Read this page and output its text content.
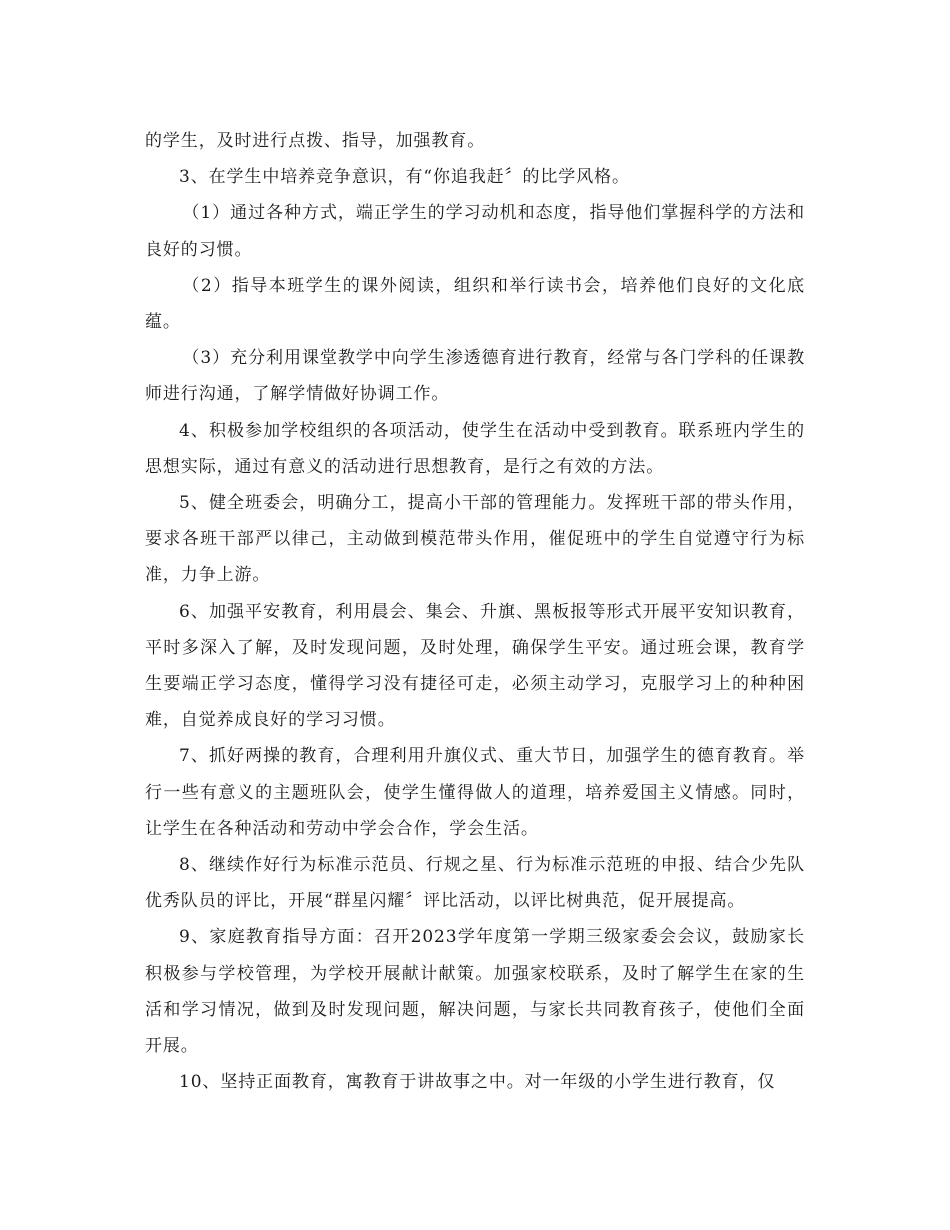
的学生，及时进行点拨、指导，加强教育。

3、在学生中培养竞争意识，有“你追我赶〞的比学风格。

（1）通过各种方式，端正学生的学习动机和态度，指导他们掌握科学的方法和良好的习惯。

（2）指导本班学生的课外阅读，组织和举行读书会，培养他们良好的文化底蕴。

（3）充分利用课堂教学中向学生渗透德育进行教育，经常与各门学科的任课教师进行沟通，了解学情做好协调工作。

4、积极参加学校组织的各项活动，使学生在活动中受到教育。联系班内学生的思想实际，通过有意义的活动进行思想教育，是行之有效的方法。

5、健全班委会，明确分工，提高小干部的管理能力。发挥班干部的带头作用，要求各班干部严以律己，主动做到模范带头作用，催促班中的学生自觉遵守行为标准，力争上游。

6、加强平安教育，利用晨会、集会、升旗、黑板报等形式开展平安知识教育，平时多深入了解，及时发现问题，及时处理，确保学生平安。通过班会课，教育学生要端正学习态度，懂得学习没有捷径可走，必须主动学习，克服学习上的种种困难，自觉养成良好的学习习惯。

7、抓好两操的教育，合理利用升旗仪式、重大节日，加强学生的德育教育。举行一些有意义的主题班队会，使学生懂得做人的道理，培养爱国主义情感。同时，让学生在各种活动和劳动中学会合作，学会生活。

8、继续作好行为标准示范员、行规之星、行为标准示范班的申报、结合少先队优秀队员的评比，开展“群星闪耀〞评比活动，以评比树典范，促开展提高。

9、家庭教育指导方面：召开2023学年度第一学期三级家委会会议，鼓励家长积极参与学校管理，为学校开展献计献策。加强家校联系，及时了解学生在家的生活和学习情况，做到及时发现问题，解决问题，与家长共同教育孩子，使他们全面开展。

10、坚持正面教育，寓教育于讲故事之中。对一年级的小学生进行教育，仅
